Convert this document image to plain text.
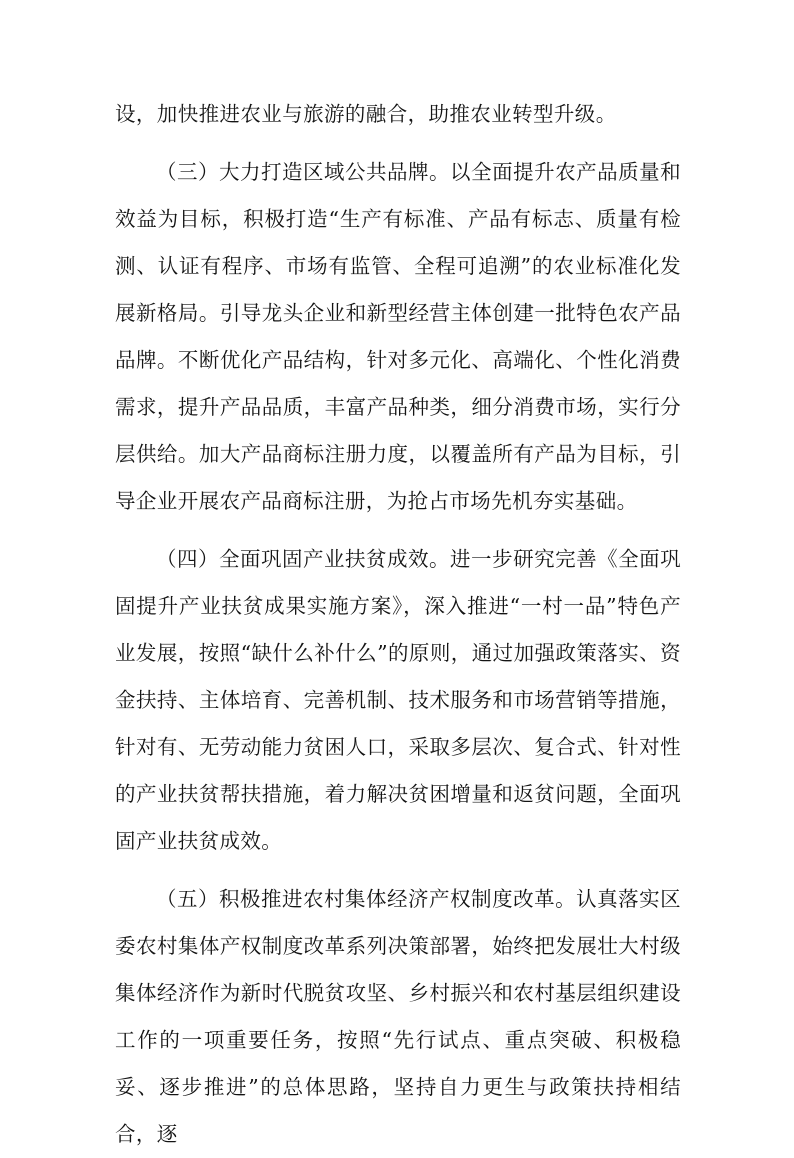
设，加快推进农业与旅游的融合，助推农业转型升级。

（三）大力打造区域公共品牌。以全面提升农产品质量和效益为目标，积极打造“生产有标准、产品有标志、质量有检测、认证有程序、市场有监管、全程可追溯”的农业标准化发展新格局。引导龙头企业和新型经营主体创建一批特色农产品品牌。不断优化产品结构，针对多元化、高端化、个性化消费需求，提升产品品质，丰富产品种类，细分消费市场，实行分层供给。加大产品商标注册力度，以覆盖所有产品为目标，引导企业开展农产品商标注册，为抢占市场先机夯实基础。

（四）全面巩固产业扶贫成效。进一步研究完善《全面巩固提升产业扶贫成果实施方案》，深入推进“一村一品”特色产业发展，按照“缺什么补什么”的原则，通过加强政策落实、资金扶持、主体培育、完善机制、技术服务和市场营销等措施，针对有、无劳动能力贫困人口，采取多层次、复合式、针对性的产业扶贫帮扶措施，着力解决贫困增量和返贫问题，全面巩固产业扶贫成效。

（五）积极推进农村集体经济产权制度改革。认真落实区委农村集体产权制度改革系列决策部署，始终把发展壮大村级集体经济作为新时代脱贫攻坚、乡村振兴和农村基层组织建设工作的一项重要任务，按照“先行试点、重点突破、积极稳妥、逐步推进”的总体思路，坚持自力更生与政策扶持相结合，逐
